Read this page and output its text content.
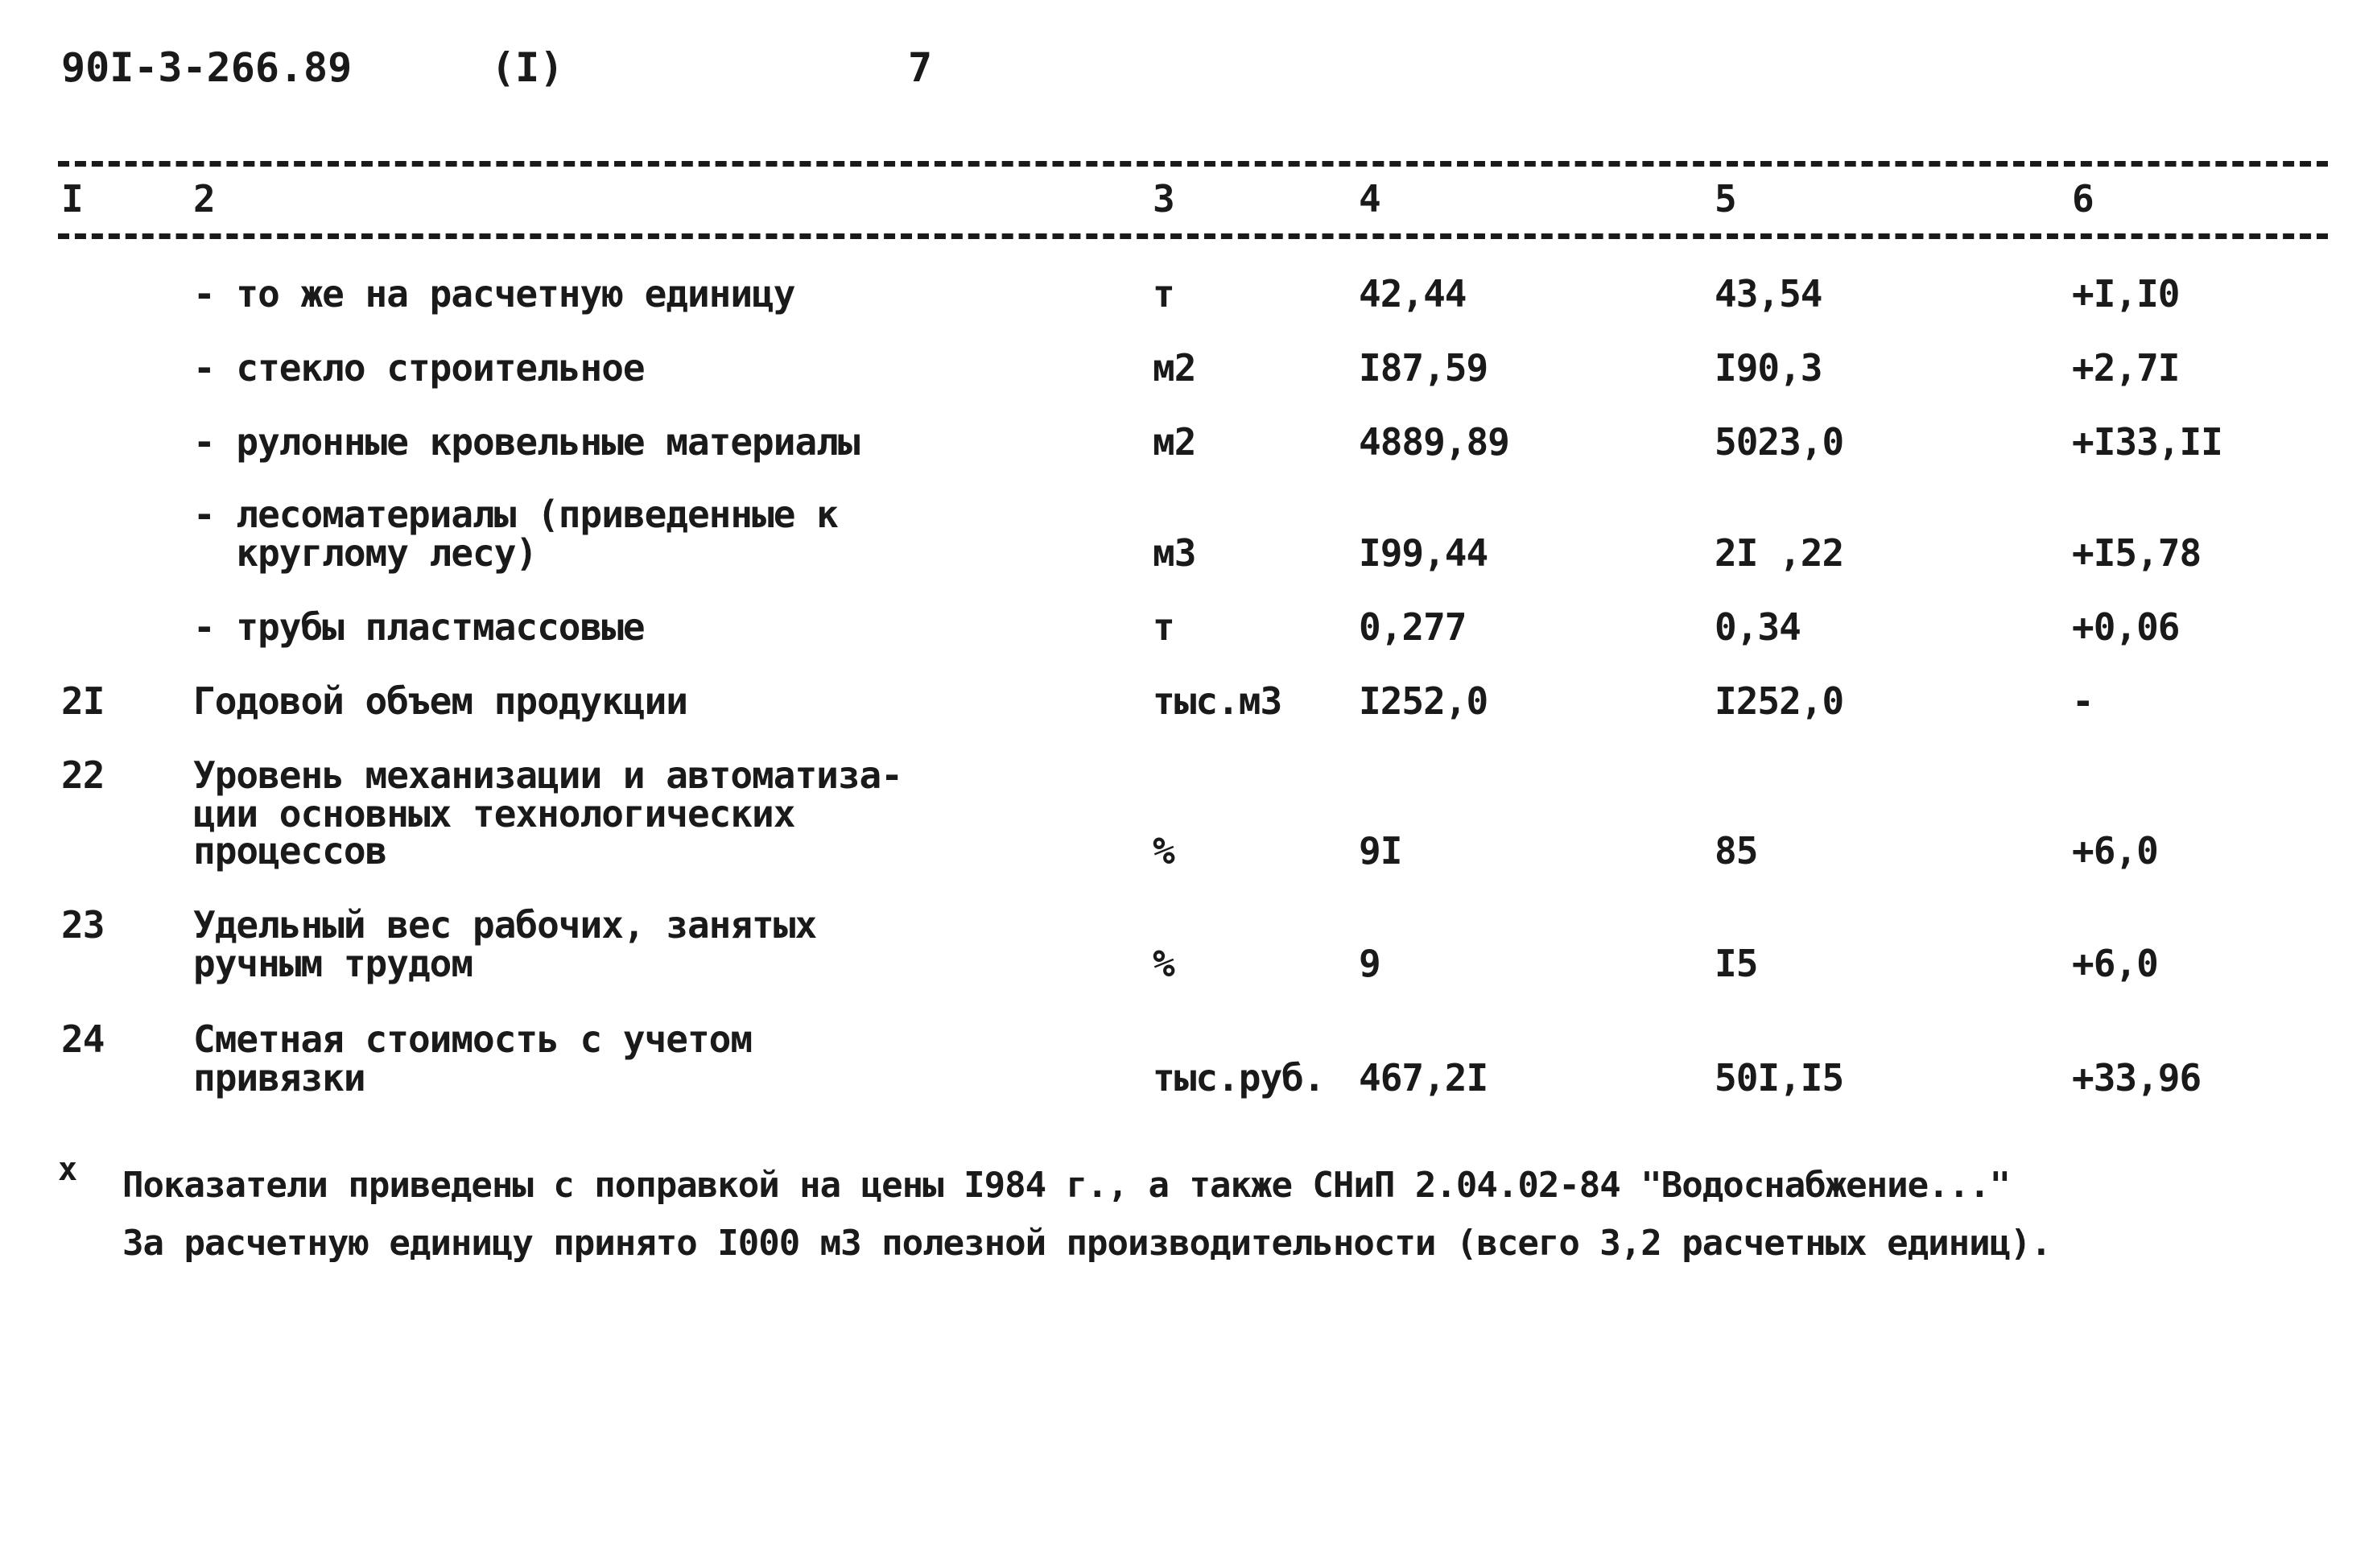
90I-3-266.89	(I)	7
I	2	3	4	5	6
- то же на расчетную единицу	т	42,44	43,54	+I,I0
- стекло строительное	м2	I87,59	I90,3	+2,7I
- рулонные кровельные материалы	м2	4889,89	5023,0	+I33,II
- лесоматериалы (приведенные к
круглому лесу)	м3	I99,44	2I ,22	+I5,78
- трубы пластмассовые	т	0,277	0,34	+0,06
2I Годовой объем продукции	тыс.м3 I252,0	I252,0	-
22 Уровень механизации и автоматиза-
ции основных технологических
процессов	%	9I	85	+6,0
23 Удельный вес рабочих, занятых
ручным трудом	%	9	I5	+6,0
24 Сметная стоимость с учетом
привязки	тыс.руб. 467,2I	50I,I5	+33,96
х Показатели приведены с поправкой на цены I984 г., а также СНиП 2.04.02-84 "Водоснабжение..."
За расчетную единицу принято I000 м3 полезной производительности (всего 3,2 расчетных единиц).
